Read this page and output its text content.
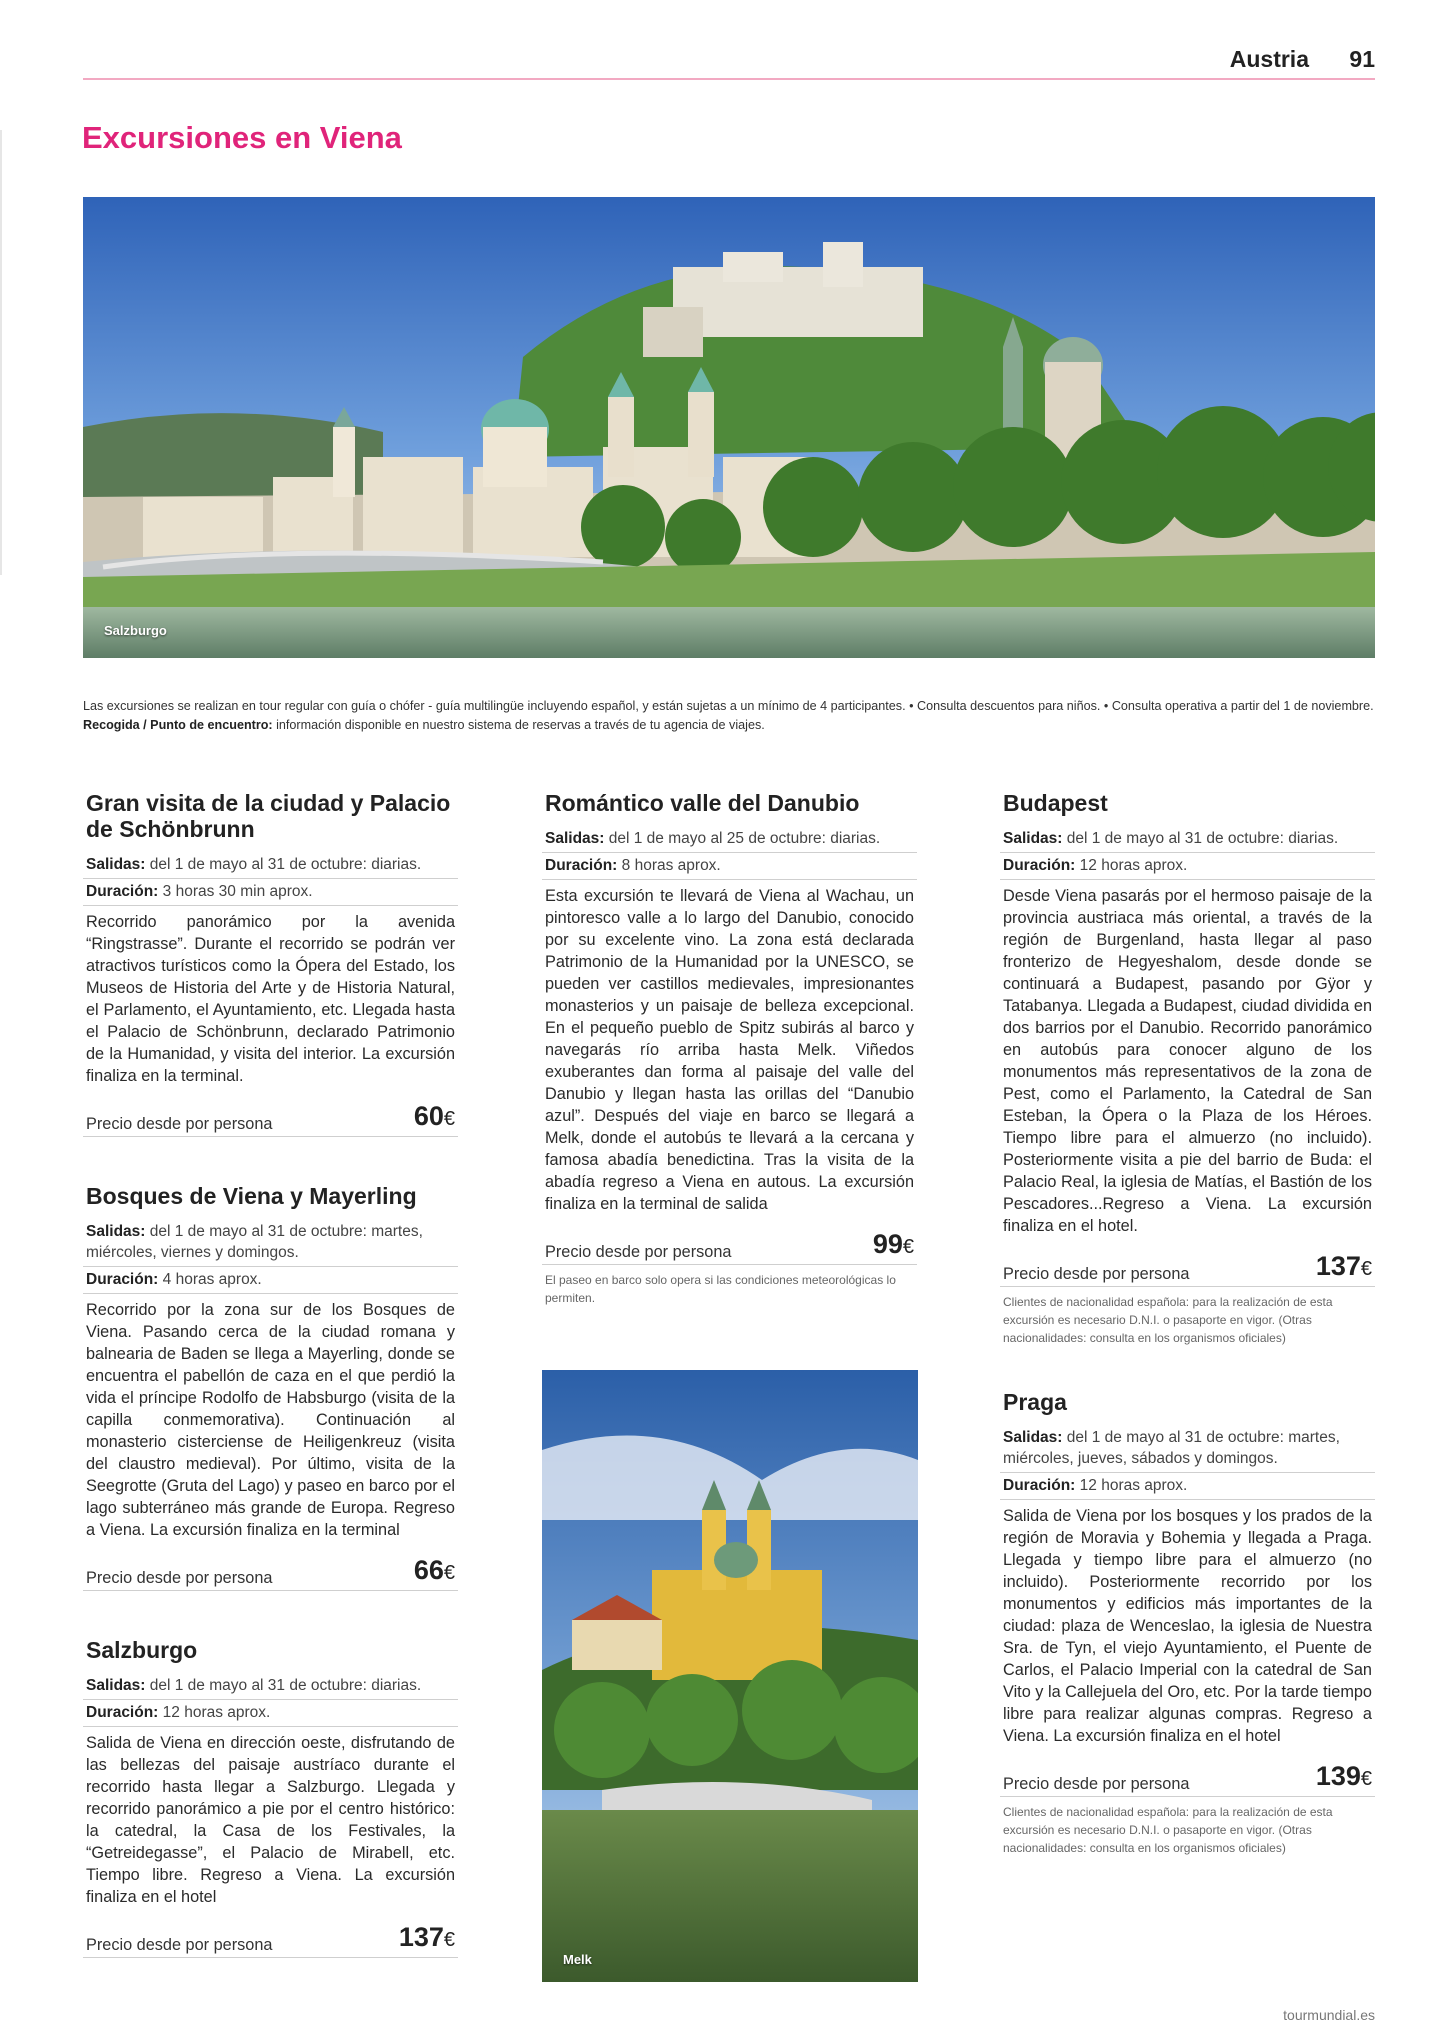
Austria 91
Excursiones en Viena
Salzburgo
Las excursiones se realizan en tour regular con guía o chófer - guía multilingüe incluyendo español, y están sujetas a un mínimo de 4 participantes. • Consulta descuentos para niños. • Consulta operativa a partir del 1 de noviembre.
Recogida / Punto de encuentro: información disponible en nuestro sistema de reservas a través de tu agencia de viajes.
Gran visita de la ciudad y Palacio de Schönbrunn
Salidas: del 1 de mayo al 31 de octubre: diarias.
Duración: 3 horas 30 min aprox.
Recorrido panorámico por la avenida “Ringstrasse”. Durante el recorrido se podrán ver atractivos turísticos como la Ópera del Estado, los Museos de Historia del Arte y de Historia Natural, el Parlamento, el Ayuntamiento, etc. Llegada hasta el Palacio de Schönbrunn, declarado Patrimonio de la Humanidad, y visita del interior. La excursión finaliza en la terminal.
Precio desde por persona	60€
Bosques de Viena y Mayerling
Salidas: del 1 de mayo al 31 de octubre: martes, miércoles, viernes y domingos.
Duración: 4 horas aprox.
Recorrido por la zona sur de los Bosques de Viena. Pasando cerca de la ciudad romana y balnearia de Baden se llega a Mayerling, donde se encuentra el pabellón de caza en el que perdió la vida el príncipe Rodolfo de Habsburgo (visita de la capilla conmemorativa). Continuación al monasterio cisterciense de Heiligenkreuz (visita del claustro medieval). Por último, visita de la Seegrotte (Gruta del Lago) y paseo en barco por el lago subterráneo más grande de Europa. Regreso a Viena. La excursión finaliza en la terminal
Precio desde por persona	66€
Salzburgo
Salidas: del 1 de mayo al 31 de octubre: diarias.
Duración: 12 horas aprox.
Salida de Viena en dirección oeste, disfrutando de las bellezas del paisaje austríaco durante el recorrido hasta llegar a Salzburgo. Llegada y recorrido panorámico a pie por el centro histórico: la catedral, la Casa de los Festivales, la “Getreidegasse”, el Palacio de Mirabell, etc. Tiempo libre. Regreso a Viena. La excursión finaliza en el hotel
Precio desde por persona	137€
Romántico valle del Danubio
Salidas: del 1 de mayo al 25 de octubre: diarias.
Duración: 8 horas aprox.
Esta excursión te llevará de Viena al Wachau, un pintoresco valle a lo largo del Danubio, conocido por su excelente vino. La zona está declarada Patrimonio de la Humanidad por la UNESCO, se pueden ver castillos medievales, impresionantes monasterios y un paisaje de belleza excepcional. En el pequeño pueblo de Spitz subirás al barco y navegarás río arriba hasta Melk. Viñedos exuberantes dan forma al paisaje del valle del Danubio y llegan hasta las orillas del “Danubio azul”. Después del viaje en barco se llegará a Melk, donde el autobús te llevará a la cercana y famosa abadía benedictina. Tras la visita de la abadía regreso a Viena en autous. La excursión finaliza en la terminal de salida
Precio desde por persona	99€
El paseo en barco solo opera si las condiciones meteorológicas lo permiten.
Melk
Budapest
Salidas: del 1 de mayo al 31 de octubre: diarias.
Duración: 12 horas aprox.
Desde Viena pasarás por el hermoso paisaje de la provincia austriaca más oriental, a través de la región de Burgenland, hasta llegar al paso fronterizo de Hegyeshalom, desde donde se continuará a Budapest, pasando por Gÿor y Tatabanya. Llegada a Budapest, ciudad dividida en dos barrios por el Danubio. Recorrido panorámico en autobús para conocer alguno de los monumentos más representativos de la zona de Pest, como el Parlamento, la Catedral de San Esteban, la Ópera o la Plaza de los Héroes. Tiempo libre para el almuerzo (no incluido). Posteriormente visita a pie del barrio de Buda: el Palacio Real, la iglesia de Matías, el Bastión de los Pescadores...Regreso a Viena. La excursión finaliza en el hotel.
Precio desde por persona	137€
Clientes de nacionalidad española: para la realización de esta excursión es necesario D.N.I. o pasaporte en vigor. (Otras nacionalidades: consulta en los organismos oficiales)
Praga
Salidas: del 1 de mayo al 31 de octubre: martes, miércoles, jueves, sábados y domingos.
Duración: 12 horas aprox.
Salida de Viena por los bosques y los prados de la región de Moravia y Bohemia y llegada a Praga. Llegada y tiempo libre para el almuerzo (no incluido). Posteriormente recorrido por los monumentos y edificios más importantes de la ciudad: plaza de Wenceslao, la iglesia de Nuestra Sra. de Tyn, el viejo Ayuntamiento, el Puente de Carlos, el Palacio Imperial con la catedral de San Vito y la Callejuela del Oro, etc. Por la tarde tiempo libre para realizar algunas compras. Regreso a Viena. La excursión finaliza en el hotel
Precio desde por persona	139€
Clientes de nacionalidad española: para la realización de esta excursión es necesario D.N.I. o pasaporte en vigor. (Otras nacionalidades: consulta en los organismos oficiales)
tourmundial.es
